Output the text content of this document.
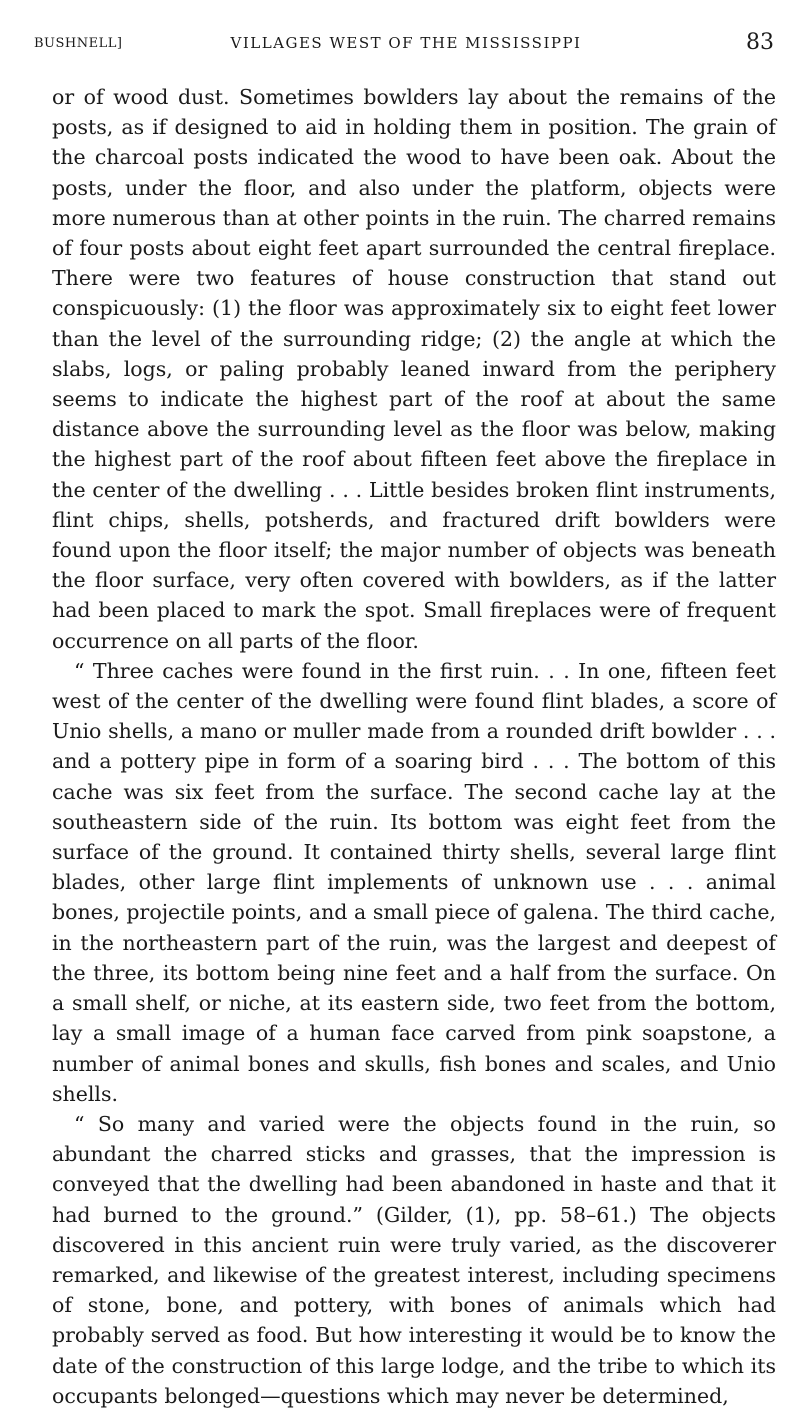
BUSHNELL]	VILLAGES WEST OF THE MISSISSIPPI	83

or of wood dust. Sometimes bowlders lay about the remains of the posts, as if designed to aid in holding them in position. The grain of the charcoal posts indicated the wood to have been oak. About the posts, under the floor, and also under the platform, objects were more numerous than at other points in the ruin. The charred remains of four posts about eight feet apart surrounded the central fireplace. There were two features of house construction that stand out conspicuously: (1) the floor was approximately six to eight feet lower than the level of the surrounding ridge; (2) the angle at which the slabs, logs, or paling probably leaned inward from the periphery seems to indicate the highest part of the roof at about the same distance above the surrounding level as the floor was below, making the highest part of the roof about fifteen feet above the fireplace in the center of the dwelling . . . Little besides broken flint instruments, flint chips, shells, potsherds, and fractured drift bowlders were found upon the floor itself; the major number of objects was beneath the floor surface, very often covered with bowlders, as if the latter had been placed to mark the spot. Small fireplaces were of frequent occurrence on all parts of the floor.

“ Three caches were found in the first ruin. . . In one, fifteen feet west of the center of the dwelling were found flint blades, a score of Unio shells, a mano or muller made from a rounded drift bowlder . . . and a pottery pipe in form of a soaring bird . . . The bottom of this cache was six feet from the surface. The second cache lay at the southeastern side of the ruin. Its bottom was eight feet from the surface of the ground. It contained thirty shells, several large flint blades, other large flint implements of unknown use . . . animal bones, projectile points, and a small piece of galena. The third cache, in the northeastern part of the ruin, was the largest and deepest of the three, its bottom being nine feet and a half from the surface. On a small shelf, or niche, at its eastern side, two feet from the bottom, lay a small image of a human face carved from pink soapstone, a number of animal bones and skulls, fish bones and scales, and Unio shells.

“ So many and varied were the objects found in the ruin, so abundant the charred sticks and grasses, that the impression is conveyed that the dwelling had been abandoned in haste and that it had burned to the ground.” (Gilder, (1), pp. 58–61.) The objects discovered in this ancient ruin were truly varied, as the discoverer remarked, and likewise of the greatest interest, including specimens of stone, bone, and pottery, with bones of animals which had probably served as food. But how interesting it would be to know the date of the construction of this large lodge, and the tribe to which its occupants belonged—questions which may never be determined,
